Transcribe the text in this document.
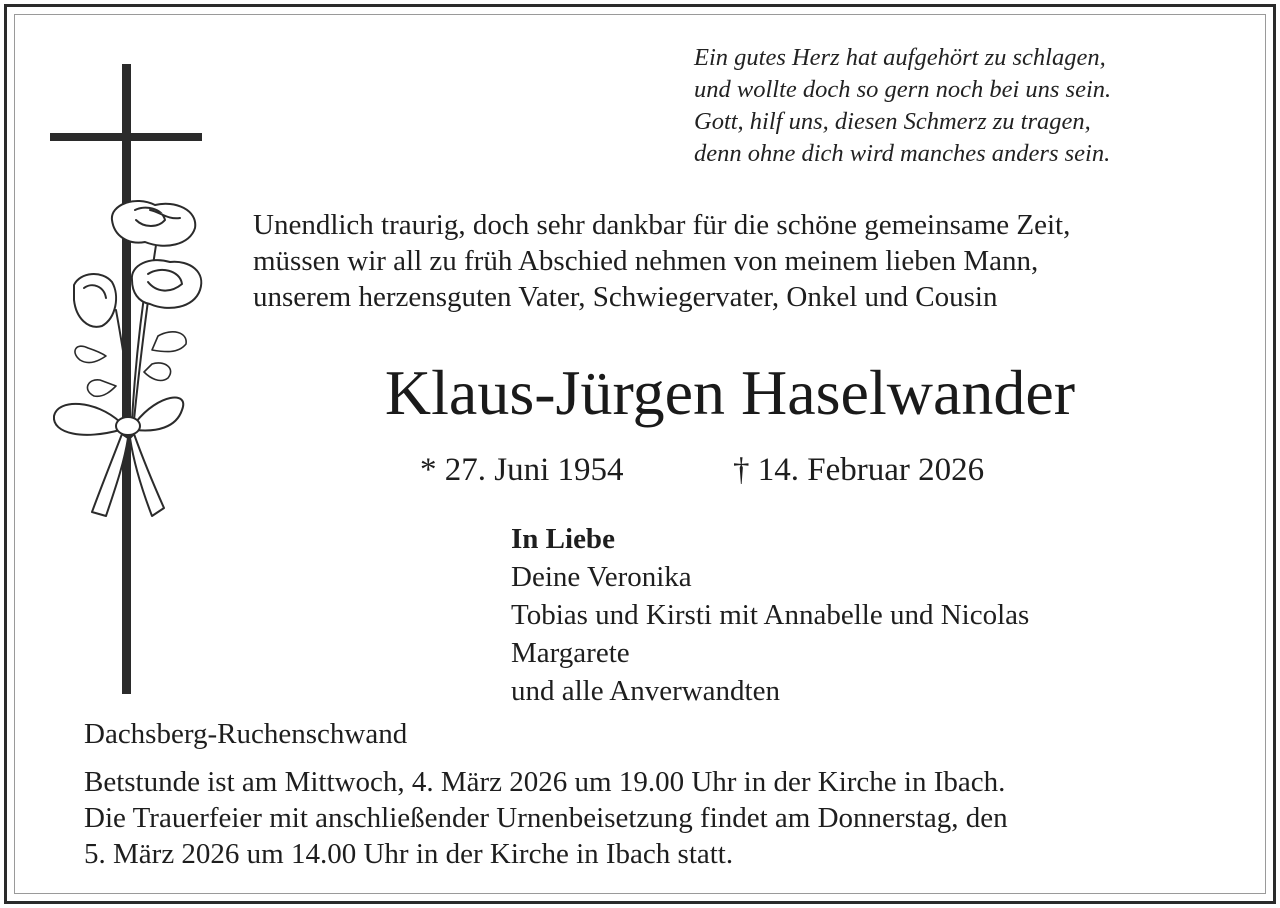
Ein gutes Herz hat aufgehört zu schlagen,
und wollte doch so gern noch bei uns sein.
Gott, hilf uns, diesen Schmerz zu tragen,
denn ohne dich wird manches anders sein.
Unendlich traurig, doch sehr dankbar für die schöne gemeinsame Zeit,
müssen wir all zu früh Abschied nehmen von meinem lieben Mann,
unserem herzensguten Vater, Schwiegervater, Onkel und Cousin
Klaus-Jürgen Haselwander
* 27. Juni 1954	† 14. Februar 2026
In Liebe
Deine Veronika
Tobias und Kirsti mit Annabelle und Nicolas
Margarete
und alle Anverwandten
Dachsberg-Ruchenschwand
Betstunde ist am Mittwoch, 4. März 2026 um 19.00 Uhr in der Kirche in Ibach.
Die Trauerfeier mit anschließender Urnenbeisetzung findet am Donnerstag, den
5. März 2026 um 14.00 Uhr in der Kirche in Ibach statt.
